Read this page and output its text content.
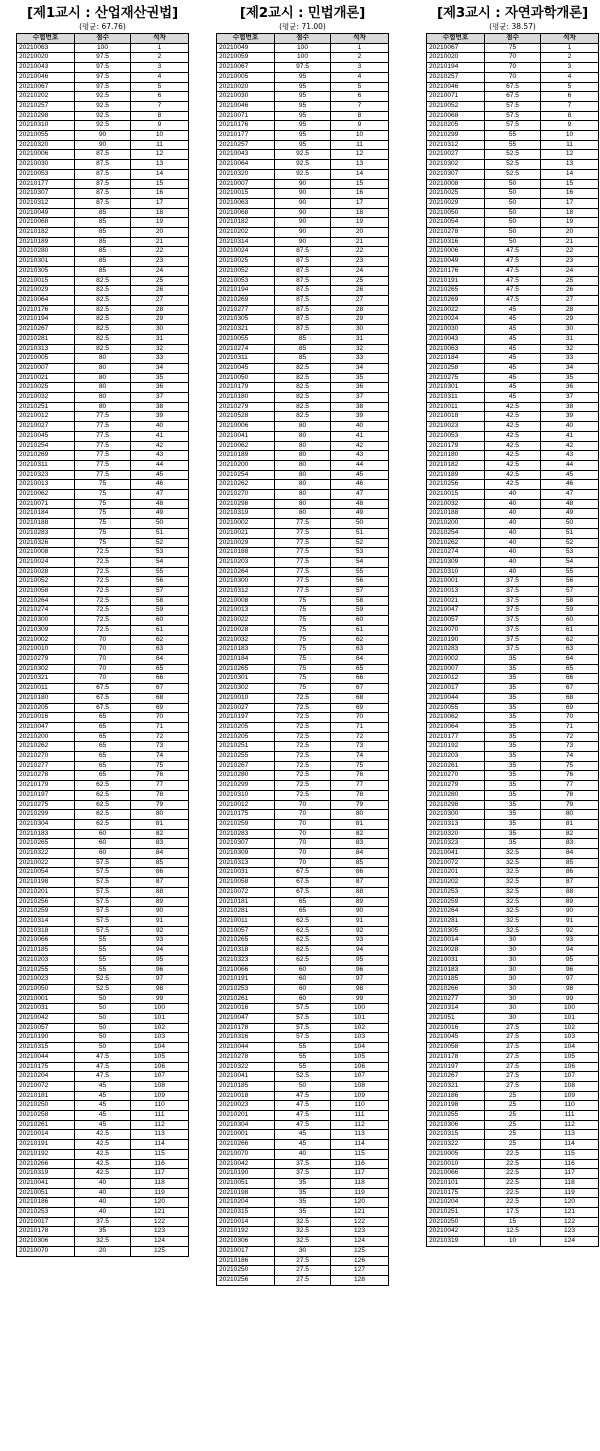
[제1교시 : 산업재산권법]
(평균: 67.76)
수험번호	점수	석차
20210063	100	1
20210020	97.5	2
20210043	97.5	3
20210046	97.5	4
20210067	97.5	5
20210202	92.5	6
20210257	92.5	7
20210298	92.5	8
20210310	92.5	9
20210055	90	10
20210320	90	11
20210006	87.5	12
20210030	87.5	13
20210053	87.5	14
20210177	87.5	15
20210307	87.5	16
20210312	87.5	17
20210049	85	18
20210068	85	19
20210182	85	20
20210189	85	21
20210280	85	22
20210301	85	23
20210305	85	24
20210015	82.5	25
20210029	82.5	26
20210064	82.5	27
20210176	82.5	28
20210194	82.5	29
20210267	82.5	30
20210281	82.5	31
20210313	82.5	32
20210005	80	33
20210007	80	34
20210021	80	35
20210025	80	36
20210032	80	37
20210251	80	38
20210012	77.5	39
20210027	77.5	40
20210045	77.5	41
20210254	77.5	42
20210269	77.5	43
20210311	77.5	44
20210323	77.5	45
20210013	75	46
20210062	75	47
20210071	75	48
20210184	75	49
20210188	75	50
20210283	75	51
20210326	75	52
20210008	72.5	53
20210024	72.5	54
20210028	72.5	55
20210052	72.5	56
20210058	72.5	57
20210264	72.5	58
20210274	72.5	59
20210300	72.5	60
20210309	72.5	61
20210002	70	62
20210010	70	63
20210279	70	64
20210302	70	65
20210321	70	66
20210011	67.5	67
20210180	67.5	68
20210205	67.5	69
20210016	65	70
20210047	65	71
20210200	65	72
20210262	65	73
20210270	65	74
20210277	65	75
20210278	65	76
20210179	62.5	77
20210197	62.5	78
20210275	62.5	79
20210299	62.5	80
20210304	62.5	81
20210183	60	82
20210265	60	83
20210322	60	84
20210022	57.5	85
20210054	57.5	86
20210198	57.5	87
20210201	57.5	88
20210256	57.5	89
20210259	57.5	90
20210314	57.5	91
20210318	57.5	92
20210066	55	93
20210185	55	94
20210203	55	95
20210255	55	96
20210023	52.5	97
20210050	52.5	98
20210001	50	99
20210031	50	100
20210042	50	101
20210057	50	102
20210190	50	103
20210315	50	104
20210044	47.5	105
20210175	47.5	106
20210204	47.5	107
20210072	45	108
20210181	45	109
20210250	45	110
20210258	45	111
20210261	45	112
20210014	42.5	113
20210191	42.5	114
20210192	42.5	115
20210266	42.5	116
20210319	42.5	117
20210041	40	118
20210051	40	119
20210186	40	120
20210253	40	121
20210017	37.5	122
20210178	35	123
20210306	32.5	124
20210070	20	125
[제2교시 : 민법개론]
(평균: 71.00)
수험번호	점수	석차
20210049	100	1
20210059	100	2
20210067	97.5	3
20210005	95	4
20210020	95	5
20210030	95	6
20210046	95	7
20210071	95	8
20210176	95	9
20210177	95	10
20210257	95	11
20210043	92.5	12
20210064	92.5	13
20210320	92.5	14
20210007	90	15
20210015	90	16
20210063	90	17
20210068	90	18
20210182	90	19
20210202	90	20
20210314	90	21
20210024	87.5	22
20210025	87.5	23
20210052	87.5	24
20210053	87.5	25
20210194	87.5	26
20210269	87.5	27
20210277	87.5	28
20210305	87.5	29
20210321	87.5	30
20210055	85	31
20210274	85	32
20210311	85	33
20210045	82.5	34
20210050	82.5	35
20210179	82.5	36
20210180	82.5	37
20210279	82.5	38
20210528	82.5	39
20210006	80	40
20210041	80	41
20210062	80	42
20210189	80	43
20210200	80	44
20210254	80	45
20210262	80	46
20210270	80	47
20210298	80	48
20210319	80	49
20210002	77.5	50
20210021	77.5	51
20210029	77.5	52
20210188	77.5	53
20210203	77.5	54
20210264	77.5	55
20210300	77.5	56
20210312	77.5	57
20210008	75	58
20210013	75	59
20210022	75	60
20210028	75	61
20210032	75	62
20210183	75	63
20210184	75	64
20210265	75	65
20210301	75	66
20210302	75	67
20210010	72.5	68
20210027	72.5	69
20210197	72.5	70
20210205	72.5	71
20210205	72.5	72
20210251	72.5	73
20210255	72.5	74
20210267	72.5	75
20210280	72.5	76
20210299	72.5	77
20210310	72.5	78
20210012	70	79
20210175	70	80
20210259	70	81
20210283	70	82
20210307	70	83
20210309	70	84
20210313	70	85
20210031	67.5	86
20210058	67.5	87
20210072	67.5	88
20210181	65	89
20210281	65	90
20210011	62.5	91
20210057	62.5	92
20210265	62.5	93
20210318	62.5	94
20210323	62.5	95
20210066	60	96
20210191	60	97
20210253	60	98
20210261	60	99
20210016	57.5	100
20210047	57.5	101
20210178	57.5	102
20210316	57.5	103
20210044	55	104
20210278	55	105
20210322	55	106
20210041	52.5	107
20210185	50	108
20210018	47.5	109
20210023	47.5	110
20210201	47.5	111
20210304	47.5	112
20210001	45	113
20210266	45	114
20210070	40	115
20210042	37.5	116
20210190	37.5	117
20210051	35	118
20210198	35	119
20210204	35	120
20210315	35	121
20210014	32.5	122
20210192	32.5	123
20210306	32.5	124
20210017	30	125
20210186	27.5	126
20210250	27.5	127
20210256	27.5	128
[제3교시 : 자연과학개론]
(평균: 38.57)
수험번호	점수	석차
20210067	75	1
20210020	70	2
20210194	70	3
20210257	70	4
20210046	67.5	5
20210071	67.5	6
20210052	57.5	7
20210068	57.5	8
20210205	57.5	9
20210299	55	10
20210312	55	11
20210027	52.5	12
20210302	52.5	13
20210307	52.5	14
20210008	50	15
20210025	50	16
20210029	50	17
20210050	50	18
20210054	50	19
20210278	50	20
20210316	50	21
20210006	47.5	22
20210049	47.5	23
20210176	47.5	24
20210191	47.5	25
20210265	47.5	26
20210269	47.5	27
20210022	45	28
20210024	45	29
20210030	45	30
20210043	45	31
20210063	45	32
20210184	45	33
20210258	45	34
20210275	45	35
20210301	45	36
20210311	45	37
20210011	42.5	38
20210018	42.5	39
20210023	42.5	40
20210053	42.5	41
20210179	42.5	42
20210180	42.5	43
20210182	42.5	44
20210189	42.5	45
20210256	42.5	46
20210015	40	47
20210032	40	48
20210188	40	49
20210200	40	50
20210254	40	51
20210262	40	52
20210274	40	53
20210309	40	54
20210310	40	55
20210001	37.5	56
20210013	37.5	57
20210021	37.5	58
20210047	37.5	59
20210057	37.5	60
20210070	37.5	61
20210190	37.5	62
20210283	37.5	63
20210002	35	64
20210007	35	65
20210012	35	66
20210017	35	67
20210044	35	68
20210055	35	69
20210062	35	70
20210064	35	71
20210177	35	72
20210192	35	73
20210203	35	74
20210261	35	75
20210270	35	76
20210279	35	77
20210280	35	78
20210298	35	79
20210300	35	80
20210313	35	81
20210320	35	82
20210323	35	83
20210041	32.5	84
20210072	32.5	85
20210201	32.5	86
20210202	32.5	87
20210253	32.5	88
20210259	32.5	89
20210264	32.5	90
20210281	32.5	91
20210305	32.5	92
20210014	30	93
20210028	30	94
20210031	30	95
20210183	30	96
20210185	30	97
20210266	30	98
20210277	30	99
20210314	30	100
2021051	30	101
20210016	27.5	102
20210045	27.5	103
20210058	27.5	104
20210178	27.5	105
20210197	27.5	106
20210267	27.5	107
20210321	27.5	108
20210186	25	109
20210198	25	110
20210255	25	111
20210306	25	112
20210315	25	113
20210322	25	114
20210005	22.5	115
20210010	22.5	116
20210066	22.5	117
20210101	22.5	118
20210175	22.5	119
20210204	22.5	120
20210251	17.5	121
20210250	15	122
20210042	12.5	123
20210319	10	124
